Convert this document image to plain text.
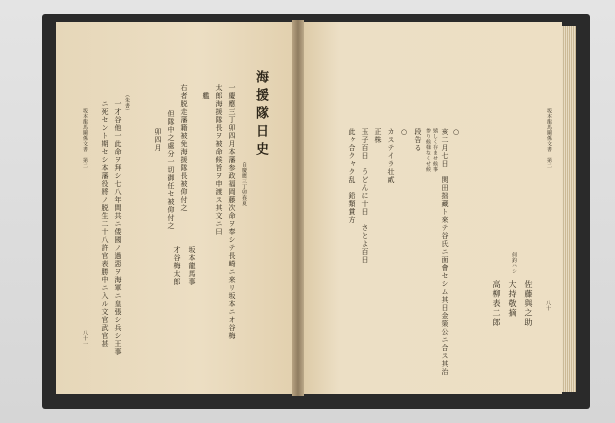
坂本龍馬關係文書　第二
八十
○
亥二月七日　関田拙藏ト來テ谷氏ニ面會セシム其日金策公ニ合ス其治
嬉しく存ませ候事
参り候様なくせ候
段告る
○
カステイラ壮貳
正株
玉子百日　うどんに十日　さとよ百日
此ヶ合クャク乱　鉛類賞方
何釣ハシ
佐藤與之助
大持敬摘
高柳表二郎
海援隊日史
自慶應三丁卯春夏
一慶應三丁卯四月本藩参政福岡藤次命ヲ奉シテ長崎ニ来リ坂本ニオ谷梅
太郎海援隊長ヲ被命候旨ヲ申渡ス其文ニ曰
　艦
右者脱走藩籍被免海援隊長被仰付之
但隊中之處分一切御任セ被仰付之
卯四月
坂本龍馬事
才谷梅太郎
（朱書）
一才谷他一此命ヲ拜シ七八年間共ニ倭國ノ過惡ヲ海軍ニ皇張シ兵シ王事
ニ死セント期セシ本藩役將ノ脱生二十八許官表勝中ニ入ル文官武官甚
坂本龍馬關係文書　第二
八十一
